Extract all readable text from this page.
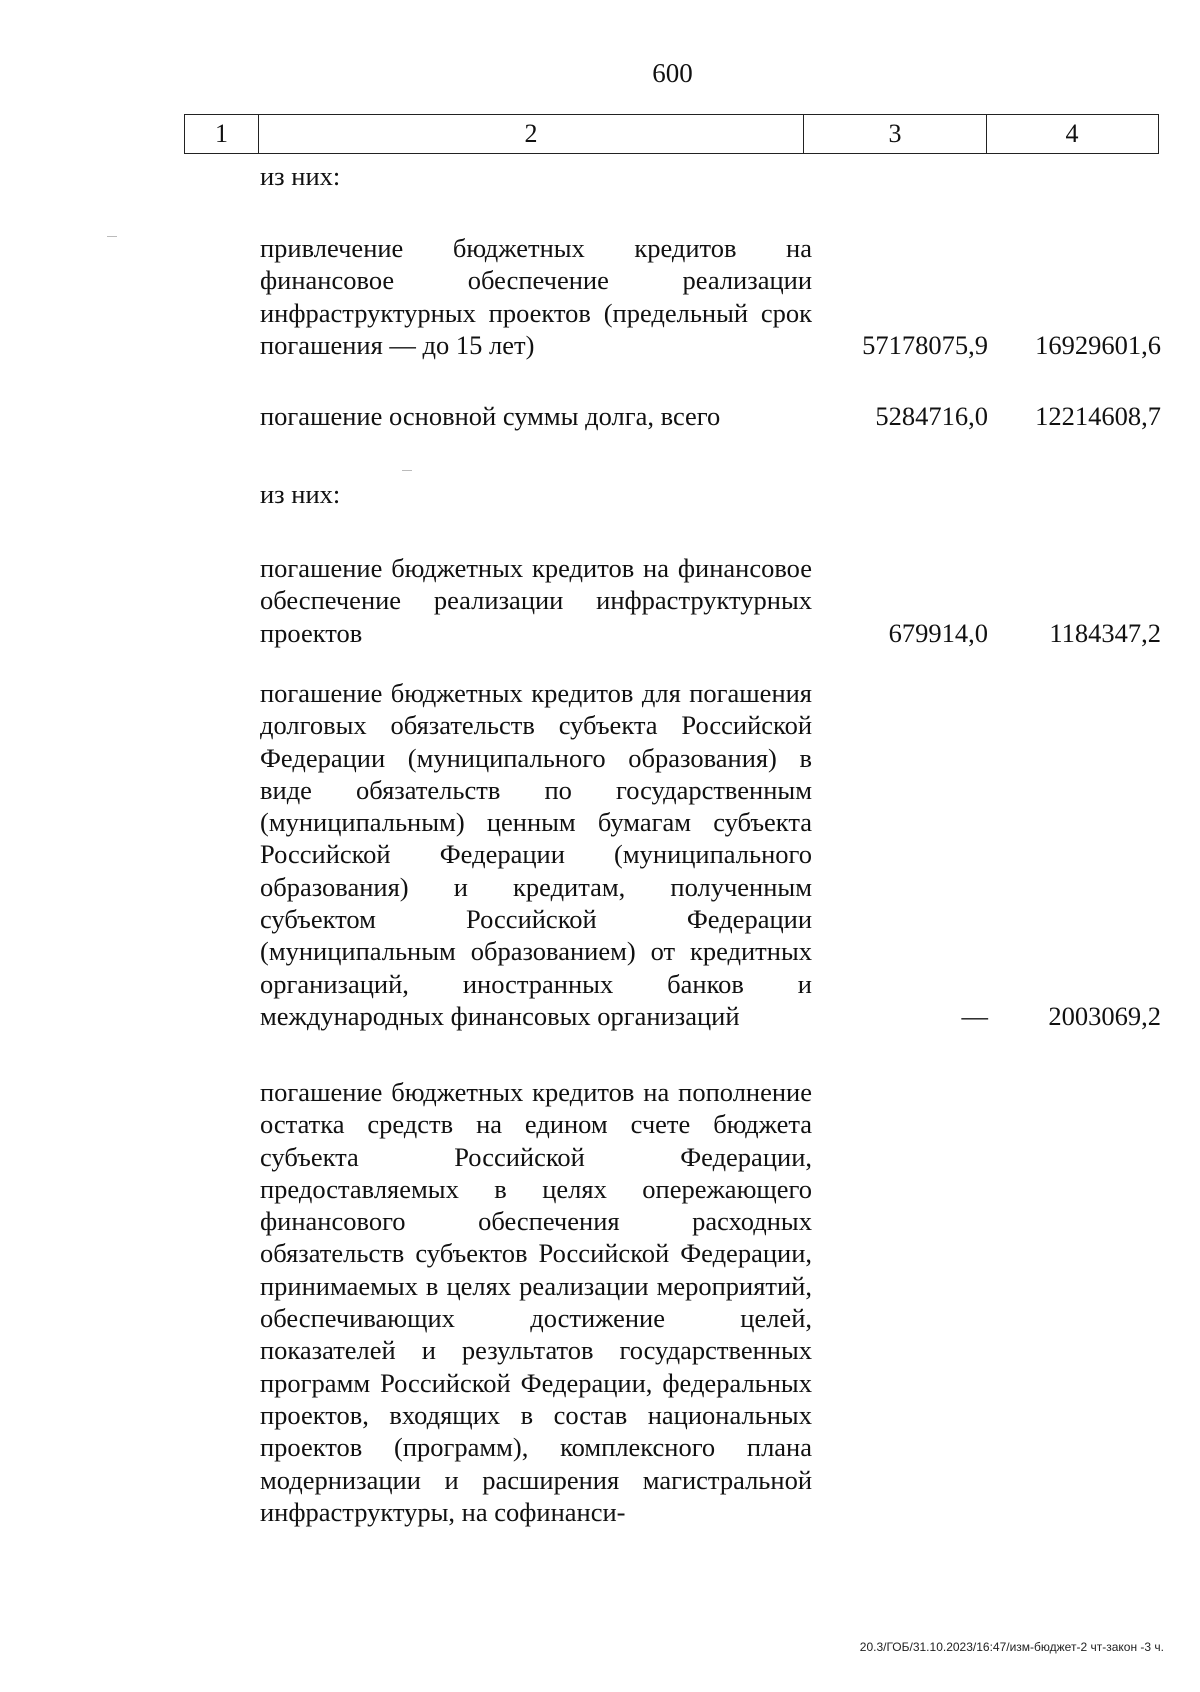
600
1	2	3	4
из них:
привлечение бюджетных кредитов на финансовое обеспечение реализации инфраструктурных проектов (предельный срок погашения — до 15 лет)	57178075,9 16929601,6
погашение основной суммы долга, всего	5284716,0 12214608,7
из них:
погашение бюджетных кредитов на финансовое обеспечение реализации инфраструктурных проектов	679914,0 1184347,2
погашение бюджетных кредитов для погашения долговых обязательств субъекта Российской Федерации (муниципального образования) в виде обязательств по государственным (муниципальным) ценным бумагам субъекта Российской Федерации (муниципального образования) и кредитам, полученным субъектом Российской Федерации (муниципальным образованием) от кредитных организаций, иностранных банков и международных финансовых организаций	— 2003069,2
погашение бюджетных кредитов на пополнение остатка средств на едином счете бюджета субъекта Российской Федерации, предоставляемых в целях опережающего финансового обеспечения расходных обязательств субъектов Российской Федерации, принимаемых в целях реализации мероприятий, обеспечивающих достижение целей, показателей и результатов государственных программ Российской Федерации, федеральных проектов, входящих в состав национальных проектов (программ), комплексного плана модернизации и расширения магистральной инфраструктуры, на софинанси-
20.3/ГОБ/31.10.2023/16:47/изм-бюджет-2 чт-закон -3 ч.
